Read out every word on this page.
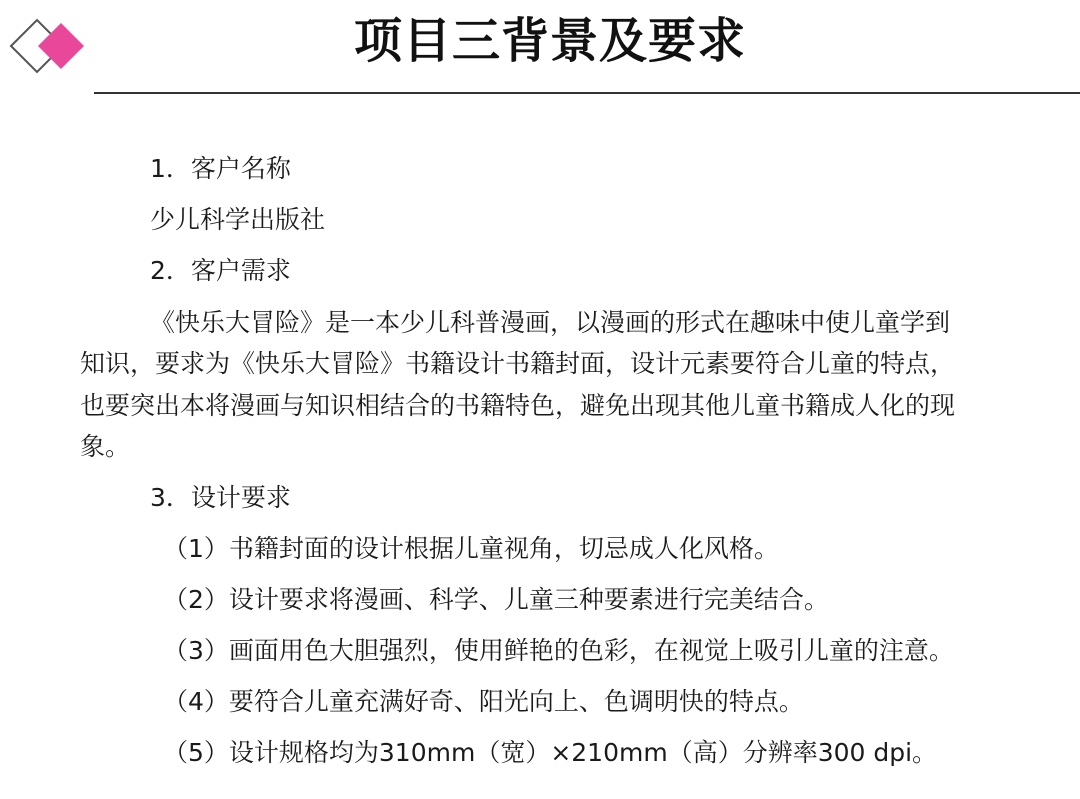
项目三背景及要求

1．客户名称

少儿科学出版社

2．客户需求

《快乐大冒险》是一本少儿科普漫画，以漫画的形式在趣味中使儿童学到

知识，要求为《快乐大冒险》书籍设计书籍封面，设计元素要符合儿童的特点，

也要突出本将漫画与知识相结合的书籍特色，避免出现其他儿童书籍成人化的现

象。

3．设计要求

（1）书籍封面的设计根据儿童视角，切忌成人化风格。

（2）设计要求将漫画、科学、儿童三种要素进行完美结合。

（3）画面用色大胆强烈，使用鲜艳的色彩，在视觉上吸引儿童的注意。

（4）要符合儿童充满好奇、阳光向上、色调明快的特点。

（5）设计规格均为310mm（宽）×210mm（高）分辨率300 dpi。
